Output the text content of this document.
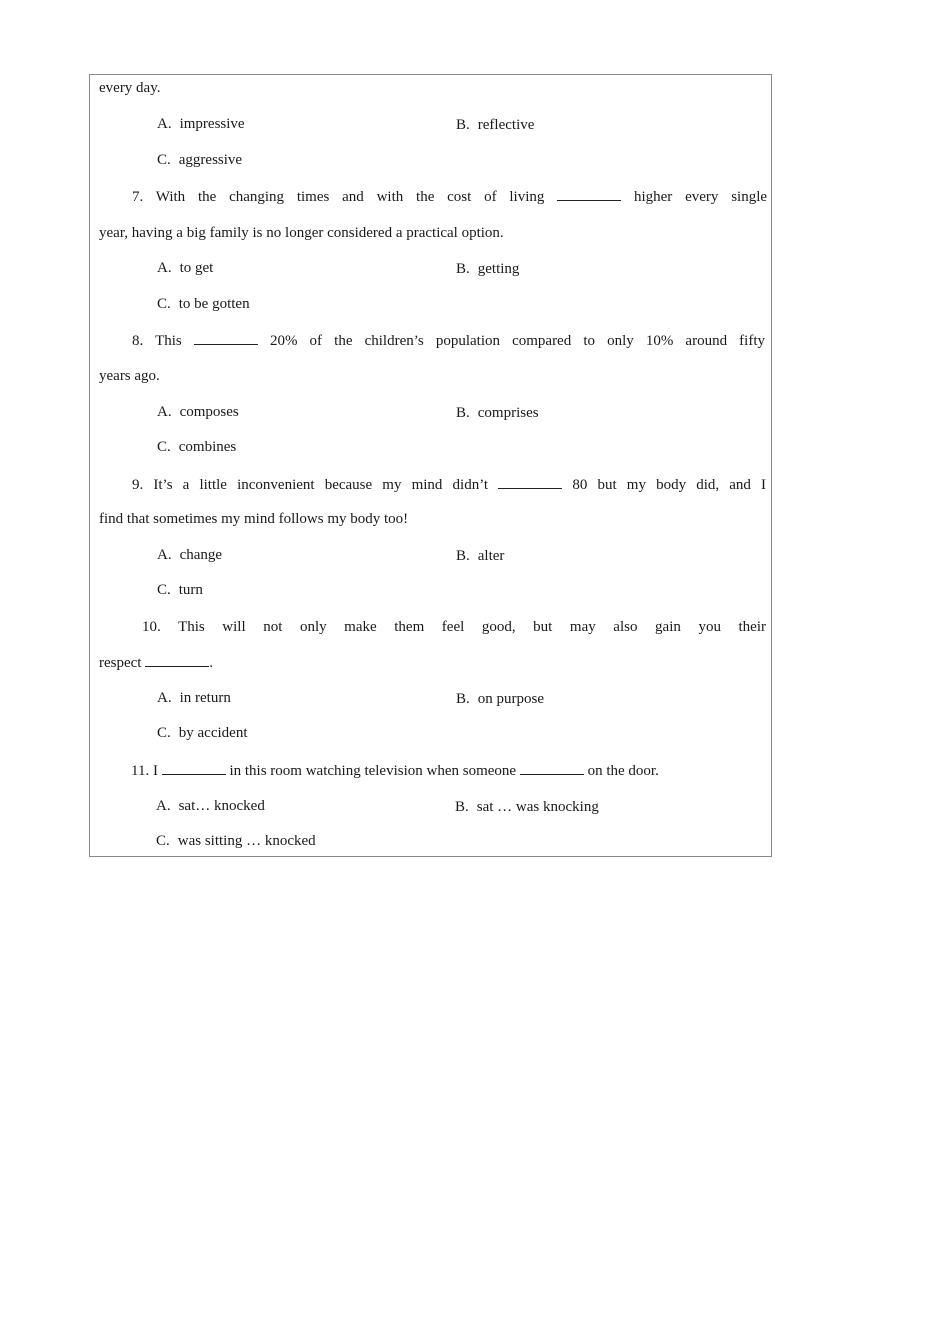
every day.
A. impressive	B. reflective
C. aggressive
7. With the changing times and with the cost of living	higher every single
year, having a big family is no longer considered a practical option.
A. to get	B. getting
C. to be gotten
8. This	20% of the children’s population compared to only 10% around fifty
years ago.
A. composes	B. comprises
C. combines
9. It’s a little inconvenient because my mind didn’t	80 but my body did, and I
find that sometimes my mind follows my body too!
A. change	B. alter
C. turn
10. This will not only make them feel good, but may also gain you their
respect	.
A. in return	B. on purpose
C. by accident
11. I	in this room watching television when someone	on the door.
A. sat… knocked	B. sat … was knocking
C. was sitting … knocked
